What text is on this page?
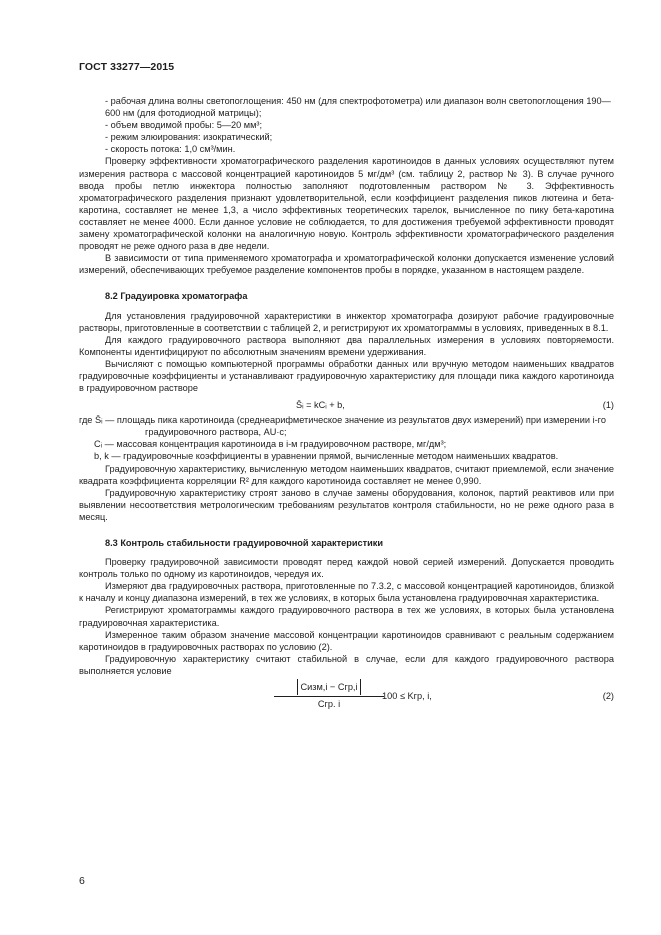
ГОСТ 33277—2015

- рабочая длина волны светопоглощения: 450 нм (для спектрофотометра) или диапазон волн светопоглощения 190—600 нм (для фотодиодной матрицы);

- объем вводимой пробы: 5—20 мм³;

- режим элюирования: изократический;

- скорость потока: 1,0 см³/мин.

Проверку эффективности хроматографического разделения каротиноидов в данных условиях осуществляют путем измерения раствора с массовой концентрацией каротиноидов 5 мг/дм³ (см. таблицу 2, раствор № 3). В случае ручного ввода пробы петлю инжектора полностью заполняют подготовленным раствором № 3. Эффективность хроматографического разделения признают удовлетворительной, если коэффициент разделения пиков лютеина и бета-каротина, составляет не менее 1,3, а число эффективных теоретических тарелок, вычисленное по пику бета-каротина составляет не менее 4000. Если данное условие не соблюдается, то для достижения требуемой эффективности проводят замену хроматографической колонки на аналогичную новую. Контроль эффективности хроматографического разделения проводят не реже одного раза в две недели.

В зависимости от типа применяемого хроматографа и хроматографической колонки допускается изменение условий измерений, обеспечивающих требуемое разделение компонентов пробы в порядке, указанном в настоящем разделе.

8.2 Градуировка хроматографа

Для установления градуировочной характеристики в инжектор хроматографа дозируют рабочие градуировочные растворы, приготовленные в соответствии с таблицей 2, и регистрируют их хроматограммы в условиях, приведенных в 8.1.

Для каждого градуировочного раствора выполняют два параллельных измерения в условиях повторяемости. Компоненты идентифицируют по абсолютным значениям времени удерживания.

Вычисляют с помощью компьютерной программы обработки данных или вручную методом наименьших квадратов градуировочные коэффициенты и устанавливают градуировочную характеристику для площади пика каждого каротиноида в градуировочном растворе

S̄ᵢ = kCᵢ + b,	(1)

где S̄ᵢ — площадь пика каротиноида (среднеарифметическое значение из результатов двух измерений) при измерении i-го градуировочного раствора, AU·с;

Cᵢ — массовая концентрация каротиноида в i-м градуировочном растворе, мг/дм³;

b, k — градуировочные коэффициенты в уравнении прямой, вычисленные методом наименьших квадратов.

Градуировочную характеристику, вычисленную методом наименьших квадратов, считают приемлемой, если значение квадрата коэффициента корреляции R² для каждого каротиноида составляет не менее 0,990.

Градуировочную характеристику строят заново в случае замены оборудования, колонок, партий реактивов или при выявлении несоответствия метрологическим требованиям результатов контроля стабильности, но не реже одного раза в месяц.

8.3 Контроль стабильности градуировочной характеристики

Проверку градуировочной зависимости проводят перед каждой новой серией измерений. Допускается проводить контроль только по одному из каротиноидов, чередуя их.

Измеряют два градуировочных раствора, приготовленные по 7.3.2, с массовой концентрацией каротиноидов, близкой к началу и концу диапазона измерений, в тех же условиях, в которых была установлена градуировочная характеристика.

Регистрируют хроматограммы каждого градуировочного раствора в тех же условиях, в которых была установлена градуировочная характеристика.

Измеренное таким образом значение массовой концентрации каротиноидов сравнивают с реальным содержанием каротиноидов в градуировочных растворах по условию (2).

Градуировочную характеристику считают стабильной в случае, если для каждого градуировочного раствора выполняется условие

Cизм,i − Cгр,i
Cгр. i
·100 ≤ Kгр, i,	(2)
6
